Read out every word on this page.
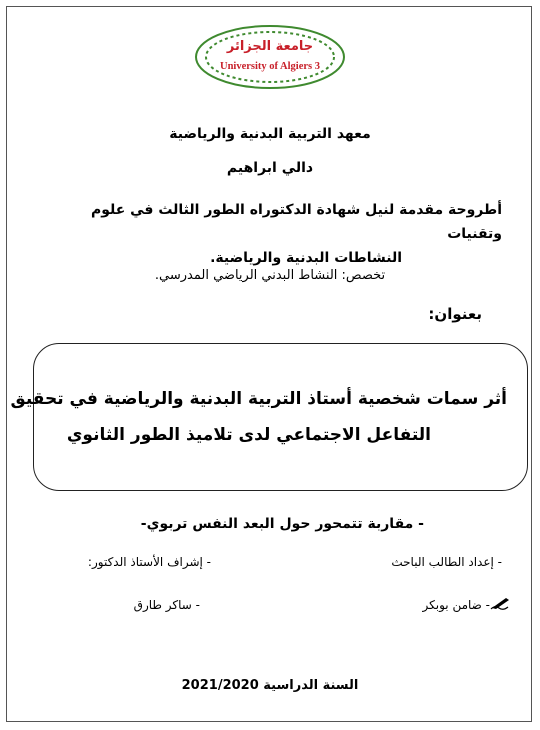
جامعة الجزائر
University of Algiers 3
معهد التربية البدنية والرياضية
دالي ابراهيم
أطروحة مقدمة لنيل شهادة الدكتوراه الطور الثالث في علوم وتقنيات
النشاطات البدنية والرياضية.
تخصص: النشاط البدني الرياضي المدرسي.
بعنوان:
أثر سمات شخصية أستاذ التربية البدنية والرياضية في تحقيق
التفاعل الاجتماعي لدى تلاميذ الطور الثانوي
- مقاربة تتمحور حول البعد النفس تربوي-
- إعداد الطالب الباحث
- إشراف الأستاذ الدكتور:
- ضامن بوبكر
- ساكر طارق
السنة الدراسية 2021/2020
